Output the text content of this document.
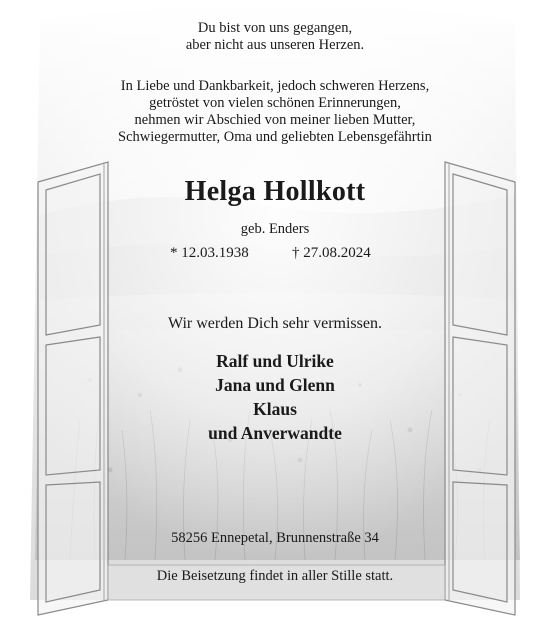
Du bist von uns gegangen,
aber nicht aus unseren Herzen.
In Liebe und Dankbarkeit, jedoch schweren Herzens,
getröstet von vielen schönen Erinnerungen,
nehmen wir Abschied von meiner lieben Mutter,
Schwiegermutter, Oma und geliebten Lebensgefährtin
Helga Hollkott
geb. Enders
* 12.03.1938	† 27.08.2024
Wir werden Dich sehr vermissen.
Ralf und Ulrike
Jana und Glenn
Klaus
und Anverwandte
58256 Ennepetal, Brunnenstraße 34
Die Beisetzung findet in aller Stille statt.
